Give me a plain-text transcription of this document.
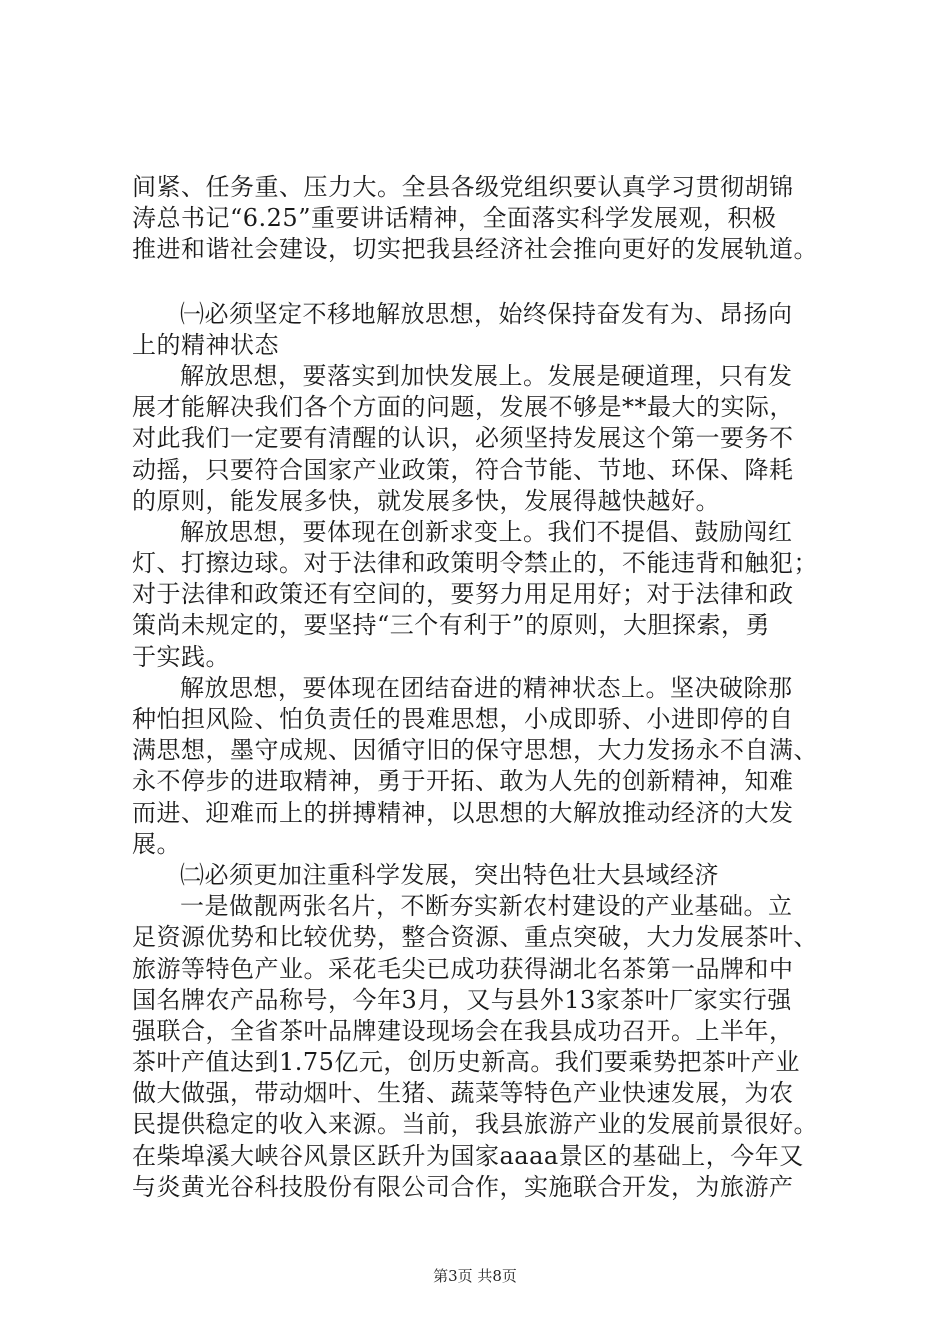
间紧、任务重、压力大。全县各级党组织要认真学习贯彻胡锦
涛总书记“6.25”重要讲话精神，全面落实科学发展观，积极
推进和谐社会建设，切实把我县经济社会推向更好的发展轨道。
㈠必须坚定不移地解放思想，始终保持奋发有为、昂扬向
上的精神状态
解放思想，要落实到加快发展上。发展是硬道理，只有发
展才能解决我们各个方面的问题，发展不够是**最大的实际，
对此我们一定要有清醒的认识，必须坚持发展这个第一要务不
动摇，只要符合国家产业政策，符合节能、节地、环保、降耗
的原则，能发展多快，就发展多快，发展得越快越好。
解放思想，要体现在创新求变上。我们不提倡、鼓励闯红
灯、打擦边球。对于法律和政策明令禁止的，不能违背和触犯；
对于法律和政策还有空间的，要努力用足用好；对于法律和政
策尚未规定的，要坚持“三个有利于”的原则，大胆探索，勇
于实践。
解放思想，要体现在团结奋进的精神状态上。坚决破除那
种怕担风险、怕负责任的畏难思想，小成即骄、小进即停的自
满思想，墨守成规、因循守旧的保守思想，大力发扬永不自满、
永不停步的进取精神，勇于开拓、敢为人先的创新精神，知难
而进、迎难而上的拼搏精神，以思想的大解放推动经济的大发
展。
㈡必须更加注重科学发展，突出特色壮大县域经济
一是做靓两张名片，不断夯实新农村建设的产业基础。立
足资源优势和比较优势，整合资源、重点突破，大力发展茶叶、
旅游等特色产业。采花毛尖已成功获得湖北名茶第一品牌和中
国名牌农产品称号，今年3月，又与县外13家茶叶厂家实行强
强联合，全省茶叶品牌建设现场会在我县成功召开。上半年，
茶叶产值达到1.75亿元，创历史新高。我们要乘势把茶叶产业
做大做强，带动烟叶、生猪、蔬菜等特色产业快速发展，为农
民提供稳定的收入来源。当前，我县旅游产业的发展前景很好。
在柴埠溪大峡谷风景区跃升为国家aaaa景区的基础上，今年又
与炎黄光谷科技股份有限公司合作，实施联合开发，为旅游产
第3页 共8页
